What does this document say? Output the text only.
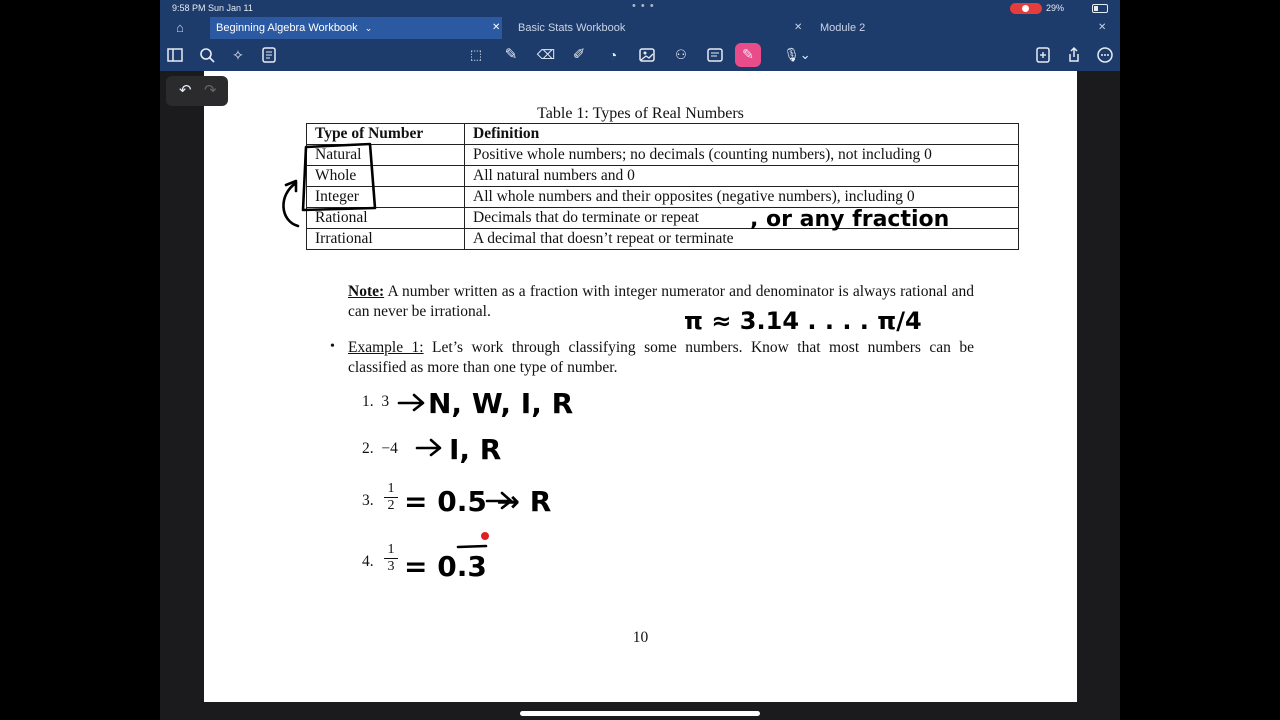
9:58 PM Sun Jan 11	• • •	29%
⌂	Beginning Algebra Workbook ⌄	✕	Basic Stats Workbook	✕	Module 2	✕
✧	⬚	✎	⌫	✐	◔	⚇	✎	🎙⌄
↶ ↷
Table 1: Types of Real Numbers
Type of Number	Definition
Natural	Positive whole numbers; no decimals (counting numbers), not including 0
Whole	All natural numbers and 0
Integer	All whole numbers and their opposites (negative numbers), including 0
Rational	Decimals that do terminate or repeat
Irrational	A decimal that doesn’t repeat or terminate
Note: A number written as a fraction with integer numerator and denominator is always rational and can never be irrational.
• Example 1: Let’s work through classifying some numbers. Know that most numbers can be classified as more than one type of number.
1. 3
2. −4
3. $\frac{1}{2}$
4. $\frac{1}{3}$
10
, or any fraction
π ≈ 3.14 . . . . π/4
N, W, I, R
I, R
= 0.5 → R
= 0.3
